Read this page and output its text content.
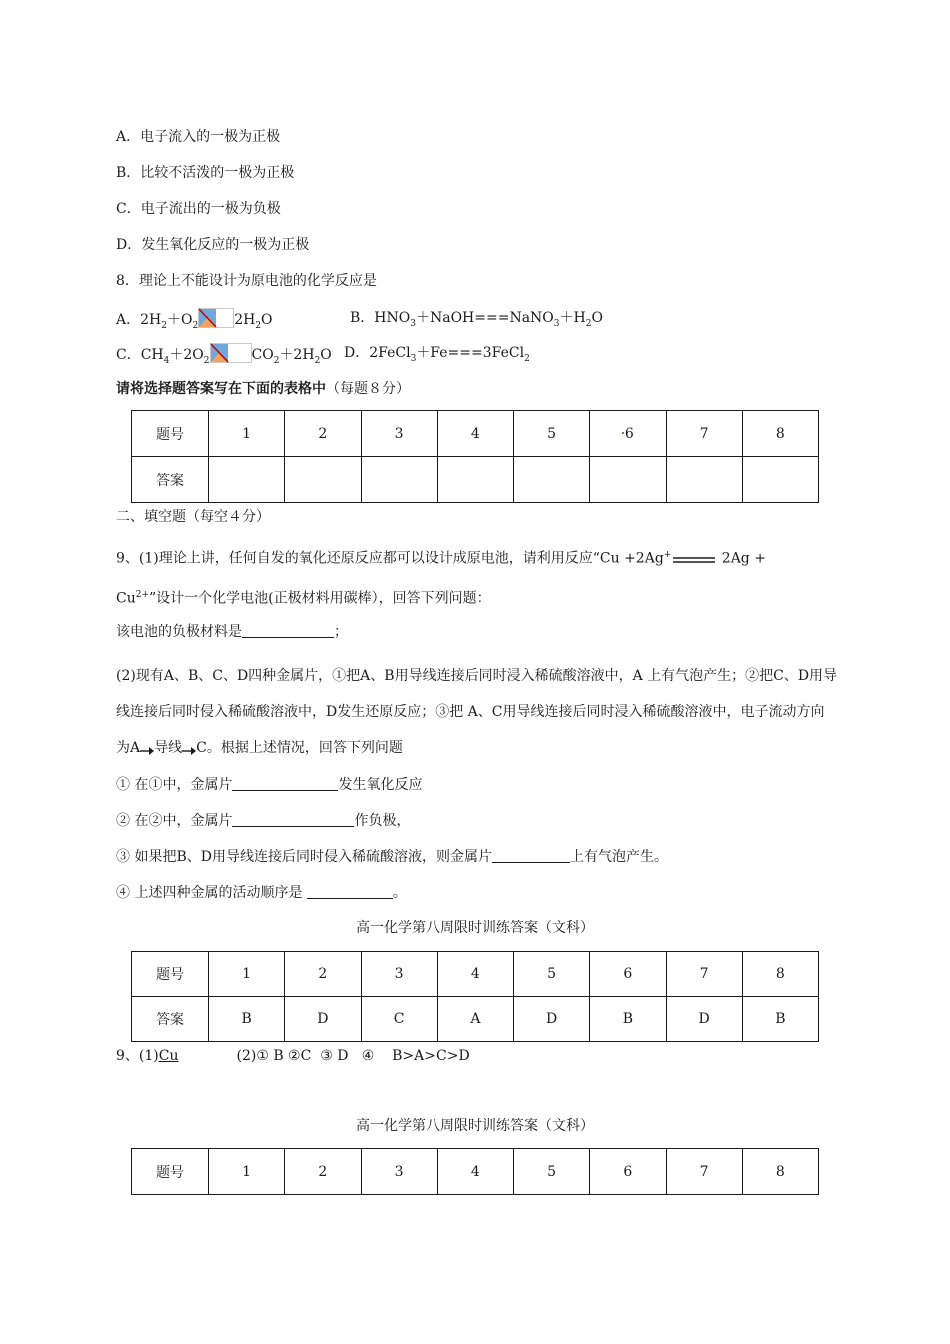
A．电子流入的一极为正极
B．比较不活泼的一极为正极
C．电子流出的一极为负极
D．发生氧化反应的一极为正极
8．理论上不能设计为原电池的化学反应是
A．$2H_2+O_2$	$2H_2O$	B．$HNO_3+NaOH===NaNO_3+H_2O$
C．$CH_4+2O_2$	$CO_2+2H_2O$ D．2FeCl$_3$＋Fe===3FeCl$_2$
请将选择题答案写在下面的表格中（每题８分）
题号	1	2	3	4	5	6	7	8
答案								
二、填空题（每空４分）
9、(1)理论上讲，任何自发的氧化还原反应都可以设计成原电池，请利用反应“Cu +2Ag+	2Ag +
$Cu^{2+}$”设计一个化学电池(正极材料用碳棒），回答下列问题：
该电池的负极材料是	；
(2)现有A、B、C、D四种金属片，①把A、B用导线连接后同时浸入稀硫酸溶液中，A 上有气泡产生；②把C、D用导线连接后同时侵入稀硫酸溶液中，D发生还原反应；③把 A、C用导线连接后同时浸入稀硫酸溶液中，电子流动方向为A 导线 C。根据上述情况，回答下列问题
① 在①中，金属片	发生氧化反应
② 在②中，金属片	作负极，
③ 如果把B、D用导线连接后同时侵入稀硫酸溶液，则金属片	上有气泡产生。
④ 上述四种金属的活动顺序是	。
高一化学第八周限时训练答案（文科）
题号	1	2	3	4	5	6	7	8
答案	B	D	C	A	D	B	D	B
9、(1)Cu	(2)① B ②C  ③ D   ④    B>A>C>D
高一化学第八周限时训练答案（文科）
题号	1	2	3	4	5	6	7	8
